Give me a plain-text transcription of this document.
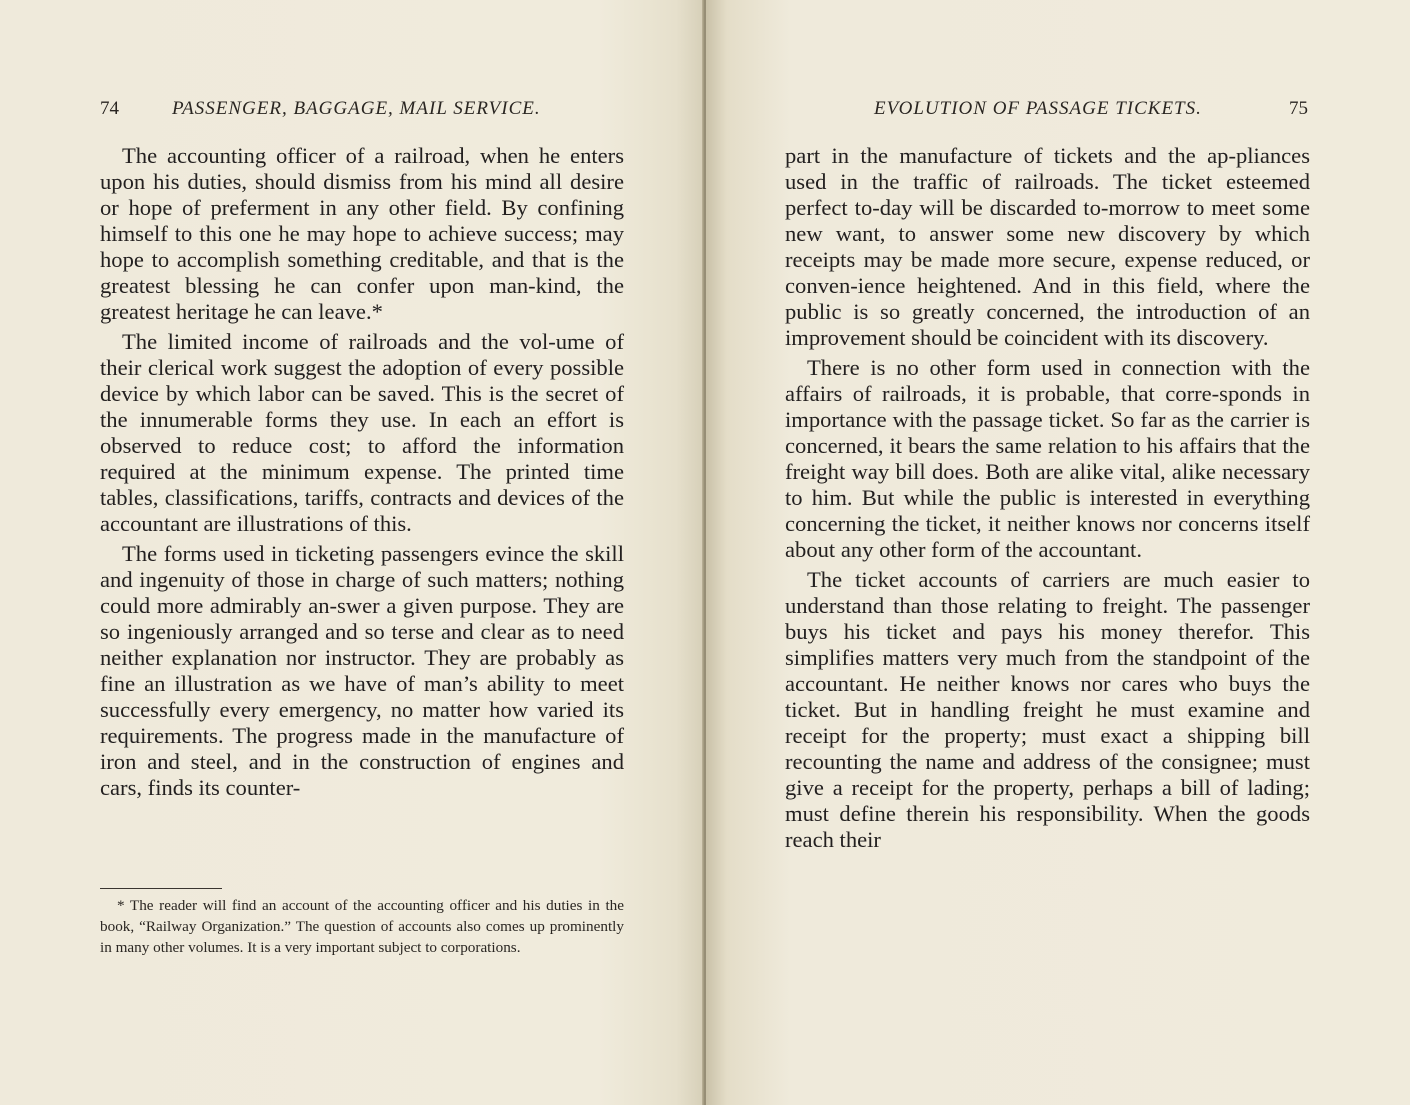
74	PASSENGER, BAGGAGE, MAIL SERVICE.

The accounting officer of a railroad, when he enters upon his duties, should dismiss from his mind all desire or hope of preferment in any other field. By confining himself to this one he may hope to achieve success; may hope to accomplish something creditable, and that is the greatest blessing he can confer upon man-kind, the greatest heritage he can leave.*

The limited income of railroads and the vol-ume of their clerical work suggest the adoption of every possible device by which labor can be saved. This is the secret of the innumerable forms they use. In each an effort is observed to reduce cost; to afford the information required at the minimum expense. The printed time tables, classifications, tariffs, contracts and devices of the accountant are illustrations of this.

The forms used in ticketing passengers evince the skill and ingenuity of those in charge of such matters; nothing could more admirably an-swer a given purpose. They are so ingeniously arranged and so terse and clear as to need neither explanation nor instructor. They are probably as fine an illustration as we have of man’s ability to meet successfully every emergency, no matter how varied its requirements. The progress made in the manufacture of iron and steel, and in the construction of engines and cars, finds its counter-

* The reader will find an account of the accounting officer and his duties in the book, “Railway Organization.” The question of accounts also comes up prominently in many other volumes. It is a very important subject to corporations.

EVOLUTION OF PASSAGE TICKETS.	75

part in the manufacture of tickets and the ap-pliances used in the traffic of railroads. The ticket esteemed perfect to-day will be discarded to-morrow to meet some new want, to answer some new discovery by which receipts may be made more secure, expense reduced, or conven-ience heightened. And in this field, where the public is so greatly concerned, the introduction of an improvement should be coincident with its discovery.

There is no other form used in connection with the affairs of railroads, it is probable, that corre-sponds in importance with the passage ticket. So far as the carrier is concerned, it bears the same relation to his affairs that the freight way bill does. Both are alike vital, alike necessary to him. But while the public is interested in everything concerning the ticket, it neither knows nor concerns itself about any other form of the accountant.

The ticket accounts of carriers are much easier to understand than those relating to freight. The passenger buys his ticket and pays his money therefor. This simplifies matters very much from the standpoint of the accountant. He neither knows nor cares who buys the ticket. But in handling freight he must examine and receipt for the property; must exact a shipping bill recounting the name and address of the consignee; must give a receipt for the property, perhaps a bill of lading; must define therein his responsibility. When the goods reach their
